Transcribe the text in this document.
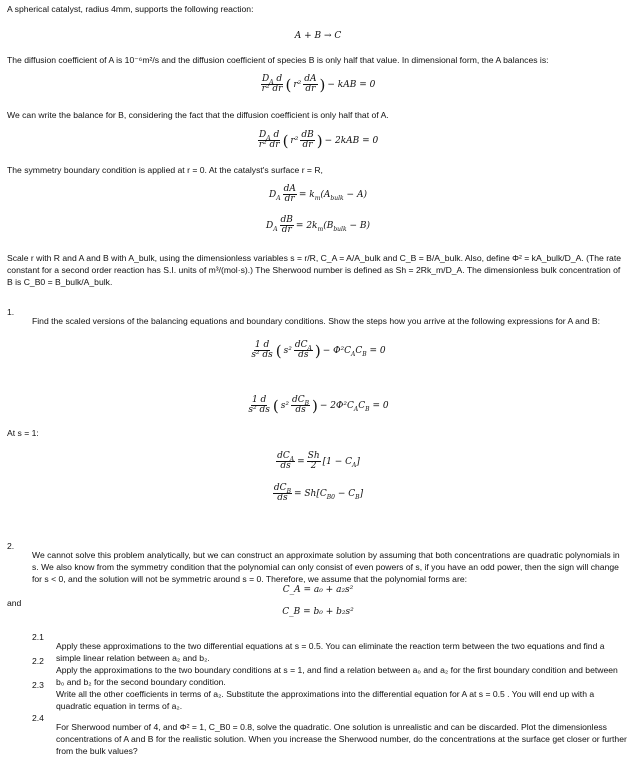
A spherical catalyst, radius 4mm, supports the following reaction:

A + B → C

The diffusion coefficient of A is 10⁻⁶m²/s and the diffusion coefficient of species B is only half that value. In dimensional form, the A balances is:

$\frac{D_A d}{\text{r² dr}}$ ( $r^2 \frac{dA}{dr}$ ) − kAB = 0

We can write the balance for B, considering the fact that the diffusion coefficient is only half that of A.

$\frac{D_A d}{\text{r² dr}}$ ( $r^2 \frac{dB}{dr}$ ) − 2kAB = 0

The symmetry boundary condition is applied at r = 0. At the catalyst's surface r = R,

$D_A \frac{dA}{dr} = k_m(A_{bulk} - A)$
$D_A \frac{dB}{dr} = 2k_m(B_{bulk} - B)$

Scale r with R and A and B with A_bulk, using the dimensionless variables s = r/R, C_A = A/A_bulk and C_B = B/A_bulk. Also, define Φ² = kA_bulk/D_A. (The rate constant for a second order reaction has S.I. units of m³/(mol·s).) The Sherwood number is defined as Sh = 2Rk_m/D_A. The dimensionless bulk concentration of B is C_B0 = B_bulk/A_bulk.

1.

Find the scaled versions of the balancing equations and boundary conditions. Show the steps how you arrive at the following expressions for A and B:

$\frac{1 d}{\text{s² ds}}$ ( $s^2 \frac{dC_A}{ds}$ ) − $\Phi^2C_AC_B = 0$
$\frac{1 d}{\text{s² ds}}$ ( $s^2 \frac{dC_B}{ds}$ ) − $2\Phi^2C_AC_B = 0$

At s = 1:

$\frac{dC_A}{ds} = \frac{Sh}{2} [1 - C_A]$
$\frac{dC_B}{ds} = Sh[C_{B0} - C_B]$
2.

We cannot solve this problem analytically, but we can construct an approximate solution by assuming that both concentrations are quadratic polynomials in s. We also know from the symmetry condition that the polynomial can only consist of even powers of s, if you have an odd power, then the sign will change for s < 0, and the solution will not be symmetric around s = 0. Therefore, we assume that the polynomial forms are:

C_A = a₀ + a₂s²

and

C_B = b₀ + b₂s²
2.1

Apply these approximations to the two differential equations at s = 0.5. You can eliminate the reaction term between the two equations and find a simple linear relation between a₂ and b₂.

2.2

Apply the approximations to the two boundary conditions at s = 1, and find a relation between a₀ and a₂ for the first boundary condition and between b₀ and b₂ for the second boundary condition.

2.3

Write all the other coefficients in terms of a₂. Substitute the approximations into the differential equation for A at s = 0.5 . You will end up with a quadratic equation in terms of a₂.

2.4

For Sherwood number of 4, and Φ² = 1, C_B0 = 0.8, solve the quadratic. One solution is unrealistic and can be discarded. Plot the dimensionless concentrations of A and B for the realistic solution. When you increase the Sherwood number, do the concentrations at the surface get closer or further from the bulk values?
